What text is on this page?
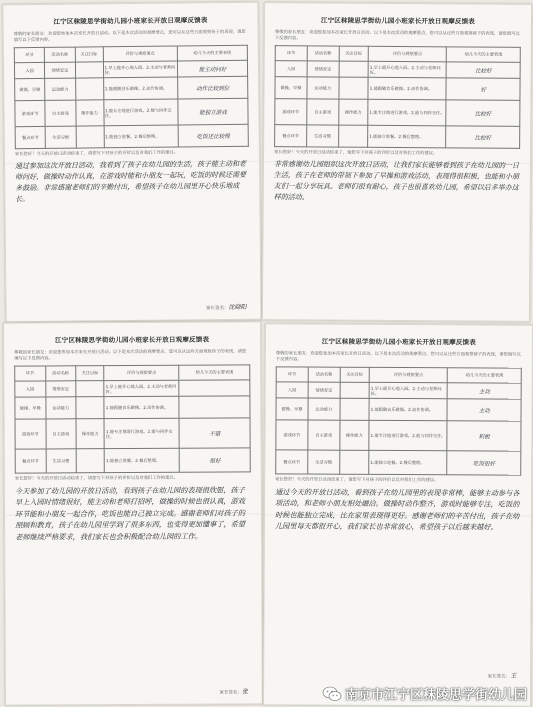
江宁区秣陵思学街幼儿园小班家长开放日观摩反馈表
尊敬的家长朋友：欢迎您参加本次家长开放日活动。以下是本次活动的观摩要点，您可以从这些方面观察孩子的表现，请您填写以下反馈内容。
环节	活动名称	关注目标	评价与观察要点	幼儿今天的主要表现
入园	情绪安定		1.早上能开心地入园。2.主动与老师问好。	能主动问好
做操、早操	运动能力		1.能跟随音乐做操。2.动作协调。	动作比较到位
游戏环节	自主游戏	操作能力	1.能专注地进行游戏。2.能与同伴交往。	能独立游戏
餐点环节	生活习惯		1.能独立进餐。2.餐后整理。	吃饭还比较慢
家长您好！今天的开放日活动结束了，请您写下对孩子的评价以及对我们工作的建议。
通过参加这次开放日活动，我看到了孩子在幼儿园的生活，孩子能主动和老师问好，做操时动作认真，在游戏时能和小朋友一起玩，吃饭的时候还需要多鼓励。非常感谢老师们的辛勤付出，希望孩子在幼儿园里开心快乐地成长。
家长签名：沈晓阳
江宁区秣陵思学街幼儿园小班家长开放日观摩反馈表
尊敬的家长朋友：欢迎您参加本次家长开放日活动。以下是本次活动的观摩要点，您可以从这些方面观察孩子的表现，请您填写以下反馈内容。
环节	活动名称	关注目标	评价与观察要点	幼儿今天的主要表现
入园	情绪安定		1.早上能开心地入园。2.主动与老师问好。	比较好
做操、早操	运动能力		1.能跟随音乐做操。2.动作协调。	好
游戏环节	自主游戏	操作能力	1.能专注地进行游戏。2.能与同伴交往。	比较好
餐点环节	生活习惯		1.能独立进餐。2.餐后整理。	比较好
家长您好！今天的开放日活动结束了，请您写下对孩子的评价以及对我们工作的建议。
非常感谢幼儿园组织这次开放日活动，让我们家长能够看到孩子在幼儿园的一日生活，孩子在老师的带领下参加了早操和游戏活动，表现得很积极，也能和小朋友们一起分享玩具。老师们很有耐心，孩子也很喜欢幼儿园，希望以后多举办这样的活动。
江宁区秣陵思学街幼儿园小班家长开放日观摩反馈表
尊敬的家长朋友：欢迎您参加本次家长开放日活动。以下是本次活动的观摩要点，您可以从这些方面观察孩子的表现，请您填写以下反馈内容。
环节	活动名称	关注目标	评价与观察要点	幼儿今天的主要表现
入园	情绪安定		1.早上能开心地入园。2.主动与老师问好。	
做操、早操	运动能力		1.能跟随音乐做操。2.动作协调。	
游戏环节	自主游戏	操作能力	1.能专注地进行游戏。2.能与同伴交往。	不错
餐点环节	生活习惯		1.能独立进餐。2.餐后整理。	很好
家长您好！今天的开放日活动结束了，请您写下对孩子的评价以及对我们工作的建议。
今天参加了幼儿园的开放日活动，看到孩子在幼儿园的表现很欣慰，孩子早上入园时情绪很好，能主动和老师打招呼，做操的时候也很认真，游戏环节能和小朋友一起合作，吃饭也能自己独立完成。感谢老师们对孩子的照顾和教育，孩子在幼儿园里学到了很多东西，也变得更加懂事了，希望老师继续严格要求，我们家长也会积极配合幼儿园的工作。
家长签名：张
江宁区秣陵思学街幼儿园小班家长开放日观摩反馈表
尊敬的家长朋友：欢迎您参加本次家长开放日活动。以下是本次活动的观摩要点，您可以从这些方面观察孩子的表现，请您填写以下反馈内容。
环节	活动名称	关注目标	评价与观察要点	幼儿今天的主要表现
入园	情绪安定		1.早上能开心地入园。2.主动与老师问好。	主动
做操、早操	运动能力		1.能跟随音乐做操。2.动作协调。	主动
游戏环节	自主游戏	操作能力	1.能专注地进行游戏。2.能与同伴交往。	积极
餐点环节	生活习惯		1.能独立进餐。2.餐后整理。	吃饭很好
家长您好！今天的开放日活动结束了，请您写下对孩子的评价以及对我们工作的建议。
通过今天的开放日活动，看到孩子在幼儿园里的表现非常棒，能够主动参与各项活动，和老师小朋友相处融洽。做操时动作整齐，游戏时能够专注，吃饭的时候也能独立完成，比在家里表现得更好。感谢老师们的辛苦付出，孩子在幼儿园里每天都很开心，我们家长也非常放心，希望孩子以后越来越好。
家长签名：王
南京市江宁区秣陵思学街幼儿园
